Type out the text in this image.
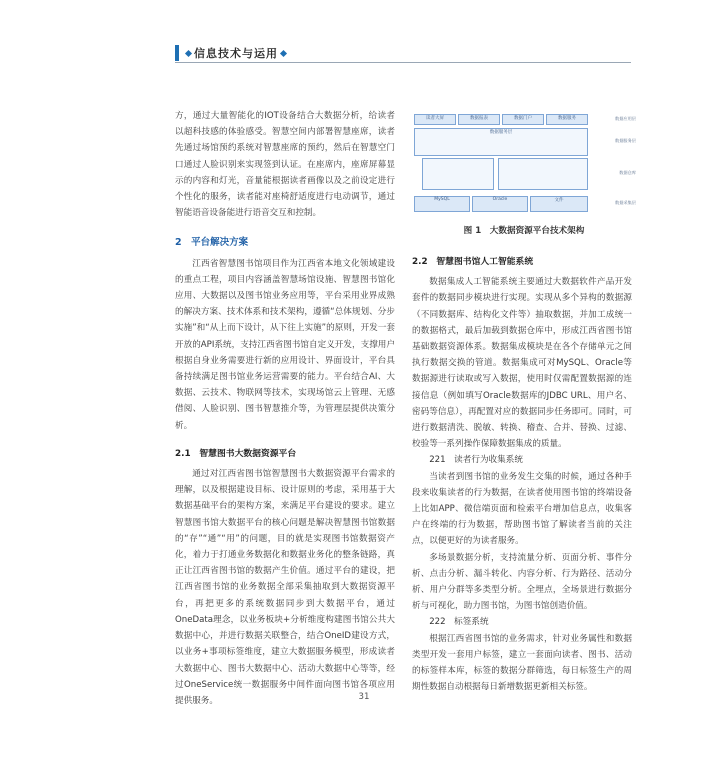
信息技术与运用

方，通过大量智能化的IOT设备结合大数据分析，给读者以超科技感的体验感受。智慧空间内部署智慧座席，读者先通过场馆预约系统对智慧座席的预约，然后在智慧空门口通过人脸识别来实现签到认证。在座席内，座席屏幕显示的内容和灯光，音量能根据读者画像以及之前设定进行个性化的服务，读者能对座椅舒适度进行电动调节，通过智能语音设备能进行语音交互和控制。

2　平台解决方案

江西省智慧图书馆项目作为江西省本地文化领域建设的重点工程，项目内容涵盖智慧场馆设施、智慧图书馆化应用、大数据以及图书馆业务应用等，平台采用业界成熟的解决方案、技术体系和技术架构，遵循“总体规划、分步实施”和“从上而下设计，从下往上实施”的原则，开发一套开放的API系统，支持江西省图书馆自定义开发，支撑用户根据自身业务需要进行新的应用设计、界面设计，平台具备持续满足图书馆业务运营需要的能力。平台结合AI、大数据、云技术、物联网等技术，实现场馆云上管理、无感借阅、人脸识别、图书智慧推介等，为管理层提供决策分析。

2.1　智慧图书大数据资源平台

通过对江西省图书馆智慧图书大数据资源平台需求的理解，以及根据建设目标、设计原则的考虑，采用基于大数据基础平台的架构方案，来满足平台建设的要求。建立智慧图书馆大数据平台的核心问题是解决智慧图书馆数据的“存”“通”“用”的问题，目的就是实现图书馆数据资产化，着力于打通业务数据化和数据业务化的整条链路，真正让江西省图书馆的数据产生价值。通过平台的建设，把江西省图书馆的业务数据全部采集抽取到大数据资源平台，再把更多的系统数据同步到大数据平台，通过OneData理念，以业务板块+分析维度构建图书馆公共大数据中心，并进行数据关联整合，结合OneID建设方式，以业务+事项标签维度，建立大数据服务模型，形成读者大数据中心、图书大数据中心、活动大数据中心等等，经过OneService统一数据服务中间件面向图书馆各项应用提供服务。

读者大屏	数据报表	数据门户	数据服务
数据服务层
MySQL	Oracle	文件
数据应用层
数据服务层
数据仓库
数据采集层
图 1　大数据资源平台技术架构
2.2　智慧图书馆人工智能系统

数据集成人工智能系统主要通过大数据软件产品开发套件的数据同步模块进行实现。实现从多个异构的数据源（不同数据库、结构化文件等）抽取数据，并加工成统一的数据格式，最后加载到数据仓库中，形成江西省图书馆基础数据资源体系。数据集成模块是在各个存储单元之间执行数据交换的管道。数据集成可对MySQL、Oracle等数据源进行读取或写入数据，使用时仅需配置数据源的连接信息（例如填写Oracle数据库的JDBC URL、用户名、密码等信息），再配置对应的数据同步任务即可。同时，可进行数据清洗、脱敏、转换、稽查、合并、替换、过滤、校验等一系列操作保障数据集成的质量。

221　读者行为收集系统

当读者到图书馆的业务发生交集的时候，通过各种手段来收集读者的行为数据，在读者使用图书馆的终端设备上比如APP、微信端页面和检索平台增加信息点，收集客户在终端的行为数据，帮助图书馆了解读者当前的关注点，以便更好的为读者服务。

多场景数据分析，支持流量分析、页面分析、事件分析、点击分析、漏斗转化、内容分析、行为路径、活动分析、用户分群等多类型分析。全埋点，全场景进行数据分析与可视化，助力图书馆，为图书馆创造价值。

222　标签系统

根据江西省图书馆的业务需求，针对业务属性和数据类型开发一套用户标签，建立一套面向读者、图书、活动的标签样本库，标签的数据分群筛选，每日标签生产的周期性数据自动根据每日新增数据更新相关标签。

31
